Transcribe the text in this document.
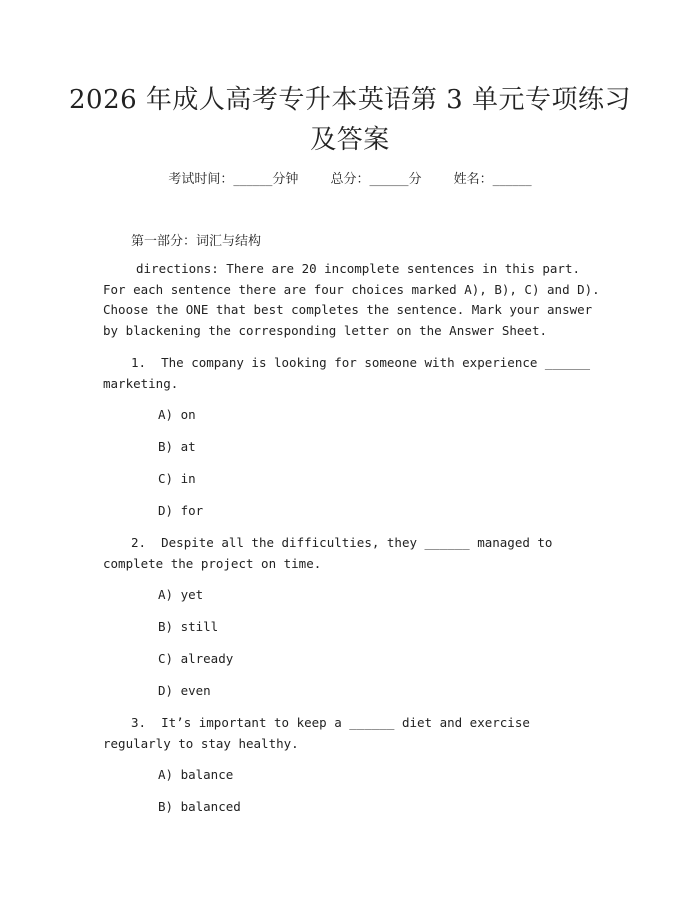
2026 年成人高考专升本英语第 3 单元专项练习及答案
考试时间：______分钟 总分：______分 姓名：______
第一部分：词汇与结构

directions: There are 20 incomplete sentences in this part. For each sentence there are four choices marked A), B), C) and D). Choose the ONE that best completes the sentence. Mark your answer by blackening the corresponding letter on the Answer Sheet.

1. The company is looking for someone with experience ______ marketing.

A) on
B) at
C) in
D) for

2. Despite all the difficulties, they ______ managed to complete the project on time.

A) yet
B) still
C) already
D) even

3. It’s important to keep a ______ diet and exercise regularly to stay healthy.

A) balance
B) balanced
